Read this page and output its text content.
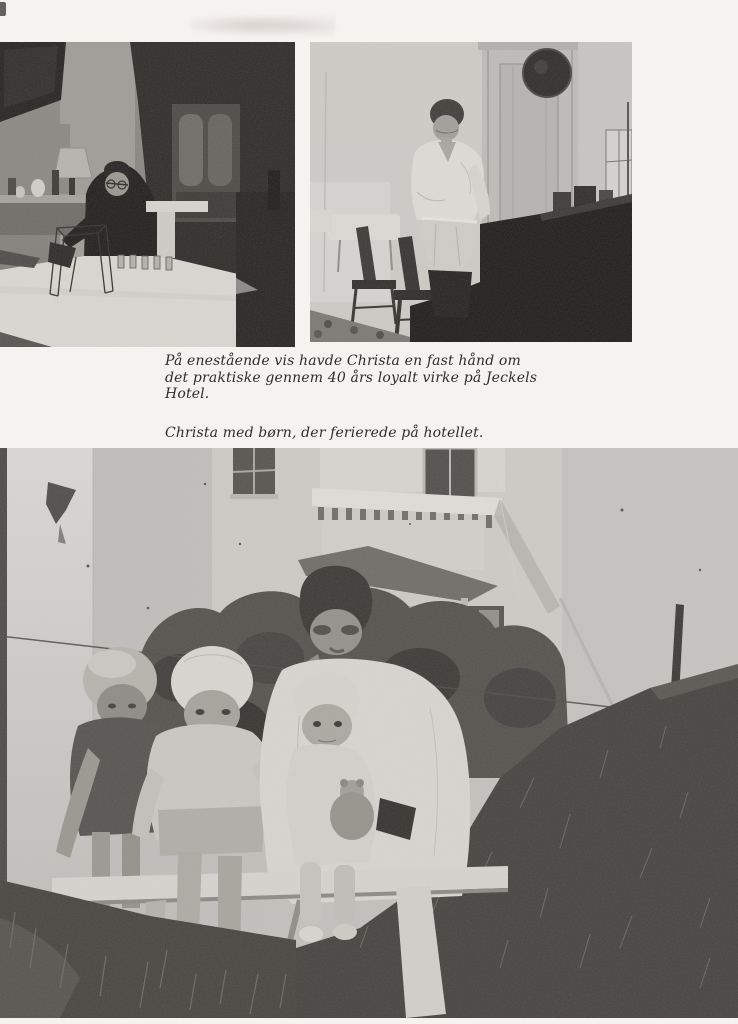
På enestående vis havde Christa en fast hånd om
det praktiske gennem 40 års loyalt virke på Jeckels
Hotel.
Christa med børn, der ferierede på hotellet.
